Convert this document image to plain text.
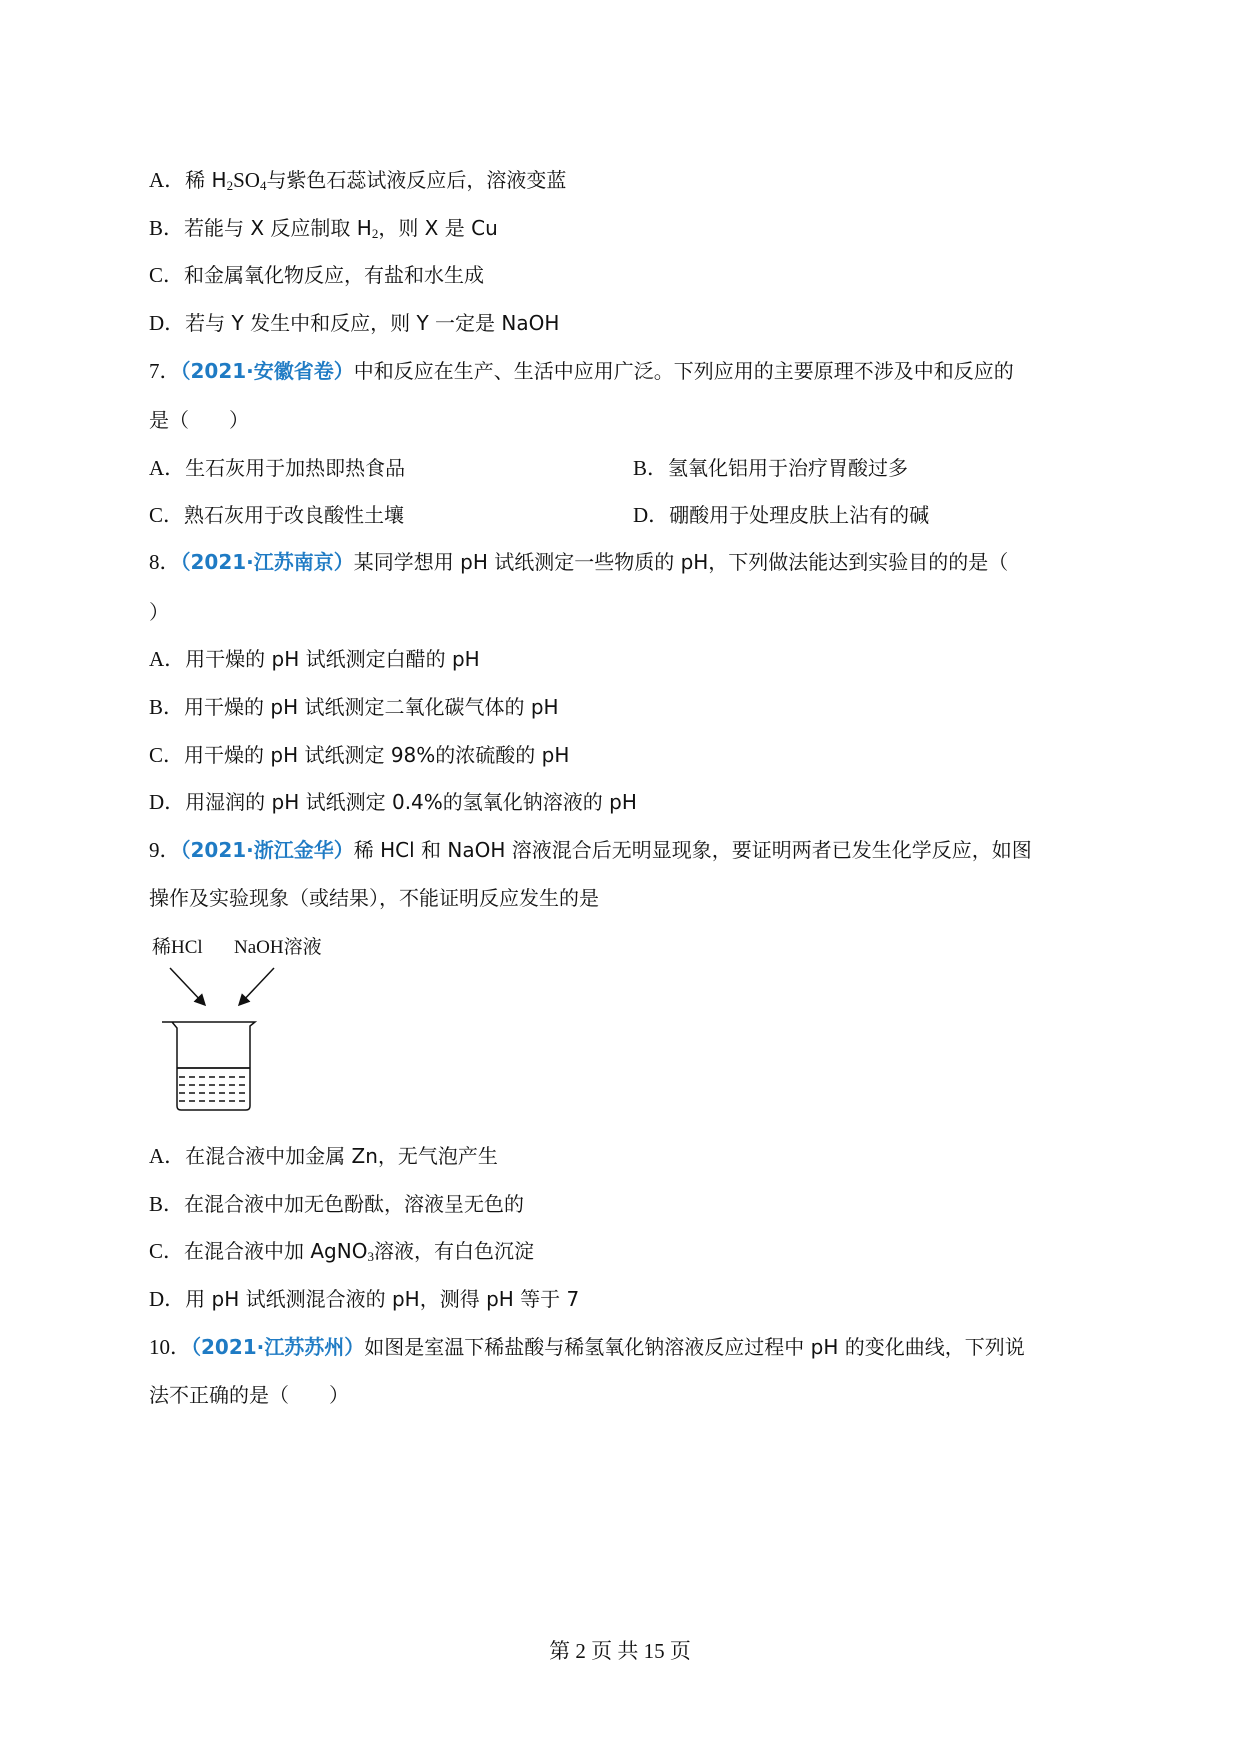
A．稀 $H_2SO_4$与紫色石蕊试液反应后，溶液变蓝
B．若能与 X 反应制取 $H_2$，则 X 是 Cu
C．和金属氧化物反应，有盐和水生成
D．若与 Y 发生中和反应，则 Y 一定是 NaOH
7．（2021·安徽省卷）中和反应在生产、生活中应用广泛。下列应用的主要原理不涉及中和反应的
是（　　）
A．生石灰用于加热即热食品	B．氢氧化铝用于治疗胃酸过多
C．熟石灰用于改良酸性土壤	D．硼酸用于处理皮肤上沾有的碱
8．（2021·江苏南京）某同学想用 pH 试纸测定一些物质的 pH，下列做法能达到实验目的的是（
）
A．用干燥的 pH 试纸测定白醋的 pH
B．用干燥的 pH 试纸测定二氧化碳气体的 pH
C．用干燥的 pH 试纸测定 98%的浓硫酸的 pH
D．用湿润的 pH 试纸测定 0.4%的氢氧化钠溶液的 pH
9．（2021·浙江金华）稀 HCl 和 NaOH 溶液混合后无明显现象，要证明两者已发生化学反应，如图
操作及实验现象（或结果），不能证明反应发生的是
稀HCl NaOH溶液
A．在混合液中加金属 Zn，无气泡产生
B．在混合液中加无色酚酞，溶液呈无色的
C．在混合液中加 AgNO$_3$溶液，有白色沉淀
D．用 pH 试纸测混合液的 pH，测得 pH 等于 7
10．（2021·江苏苏州）如图是室温下稀盐酸与稀氢氧化钠溶液反应过程中 pH 的变化曲线，下列说
法不正确的是（　　）
第 2 页 共 15 页
